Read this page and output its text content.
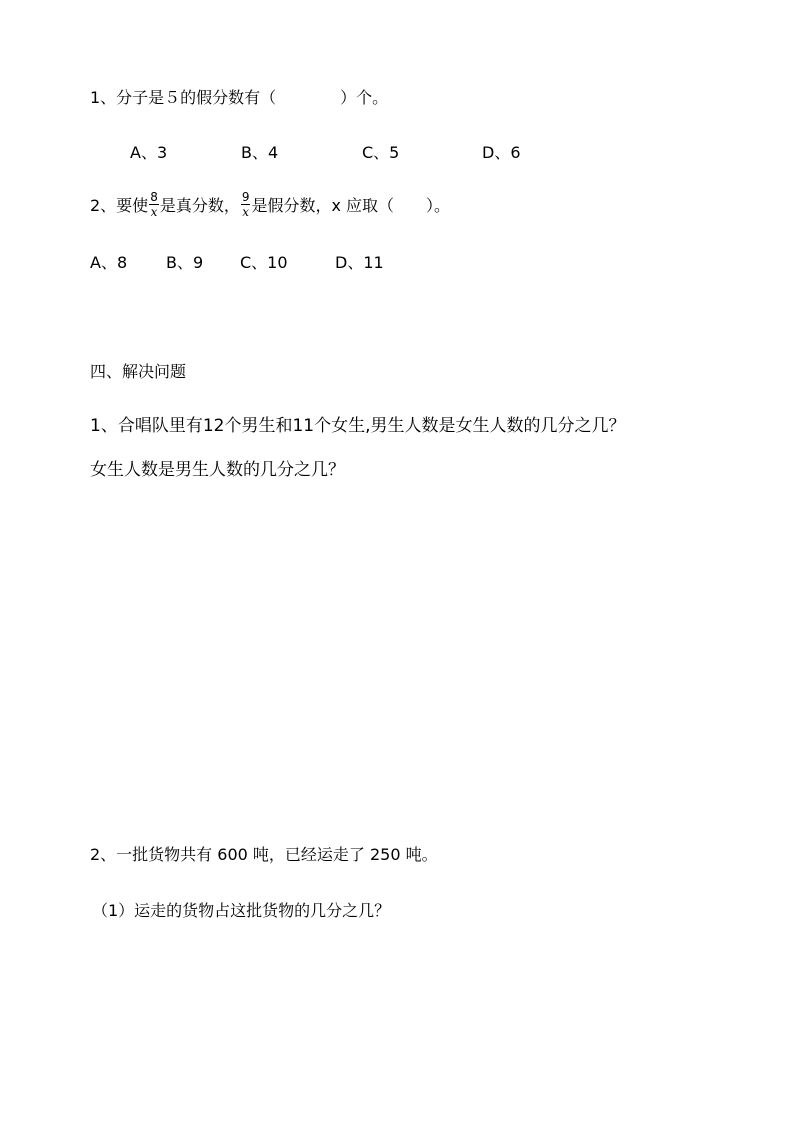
1、分子是５的假分数有（　　　　）个。
A、3	B、4	C、5	D、6
2、要使 $\frac{8}{x}$ 是真分数， $\frac{9}{x}$ 是假分数，x 应取（　　）。
A、8 B、9 C、10	D、11
四、解决问题
1、合唱队里有12个男生和11个女生,男生人数是女生人数的几分之几？
女生人数是男生人数的几分之几？
2、一批货物共有 600 吨，已经运走了 250 吨。
（1）运走的货物占这批货物的几分之几？
